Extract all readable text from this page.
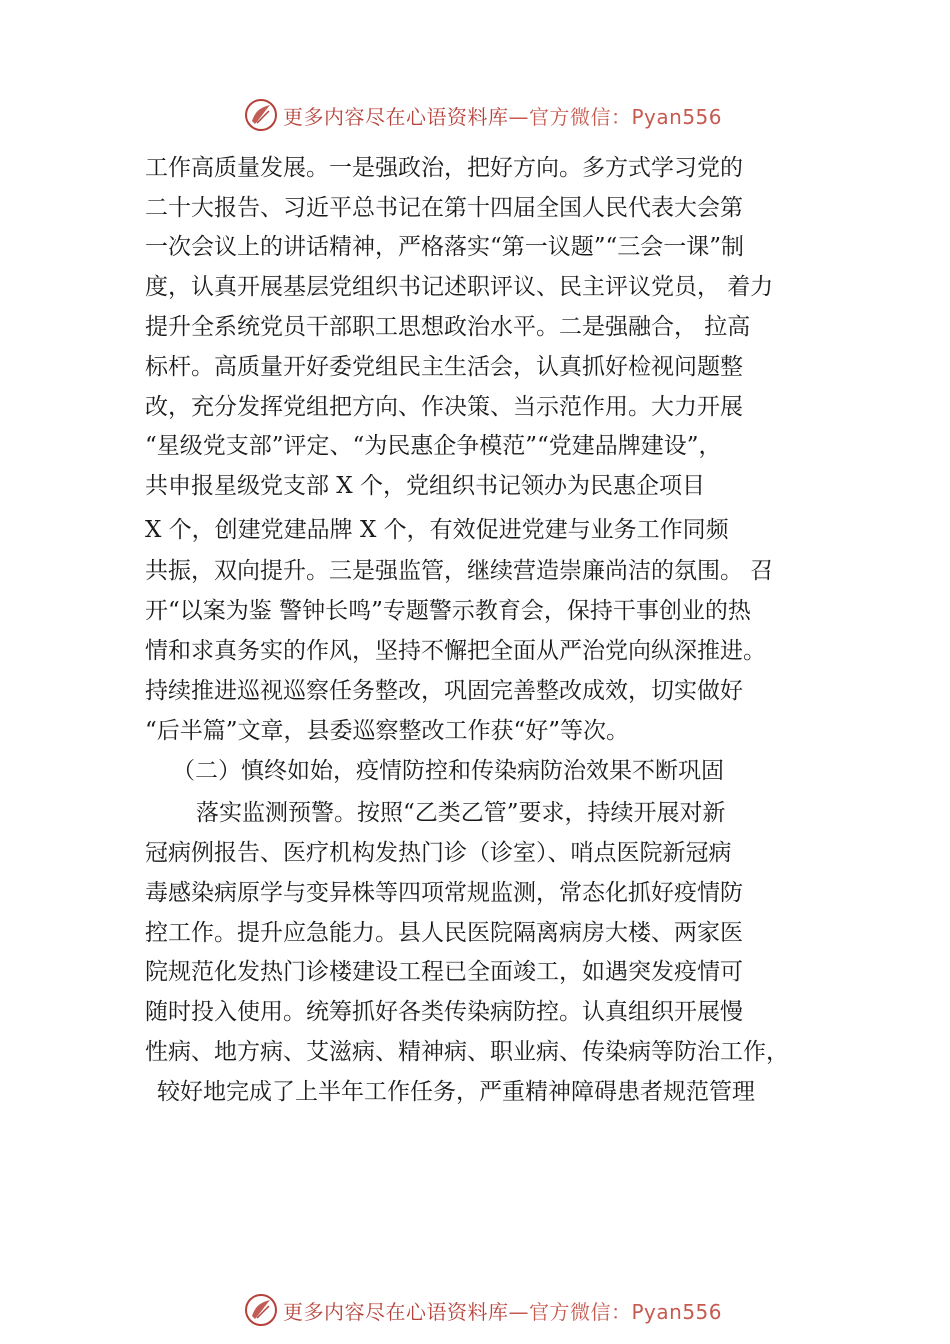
更多内容尽在心语资料库—官方微信：Pyan556
工作高质量发展。一是强政治，把好方向。多方式学习党的
二十大报告、习近平总书记在第十四届全国人民代表大会第
一次会议上的讲话精神，严格落实“第一议题”“三会一课”制
度，认真开展基层党组织书记述职评议、民主评议党员， 着力
提升全系统党员干部职工思想政治水平。二是强融合， 拉高
标杆。高质量开好委党组民主生活会，认真抓好检视问题整
改，充分发挥党组把方向、作决策、当示范作用。大力开展
“星级党支部”评定、“为民惠企争模范”“党建品牌建设”，
共申报星级党支部 X 个，党组织书记领办为民惠企项目
X 个，创建党建品牌 X 个，有效促进党建与业务工作同频
共振，双向提升。三是强监管，继续营造崇廉尚洁的氛围。 召
开“以案为鉴 警钟长鸣”专题警示教育会，保持干事创业的热
情和求真务实的作风，坚持不懈把全面从严治党向纵深推进。
持续推进巡视巡察任务整改，巩固完善整改成效，切实做好
“后半篇”文章，县委巡察整改工作获“好”等次。
（二）慎终如始，疫情防控和传染病防治效果不断巩固
落实监测预警。按照“乙类乙管”要求，持续开展对新
冠病例报告、医疗机构发热门诊（诊室）、哨点医院新冠病
毒感染病原学与变异株等四项常规监测，常态化抓好疫情防
控工作。提升应急能力。县人民医院隔离病房大楼、两家医
院规范化发热门诊楼建设工程已全面竣工，如遇突发疫情可
随时投入使用。统筹抓好各类传染病防控。认真组织开展慢
性病、地方病、艾滋病、精神病、职业病、传染病等防治工作，
较好地完成了上半年工作任务，严重精神障碍患者规范管理
更多内容尽在心语资料库—官方微信：Pyan556
